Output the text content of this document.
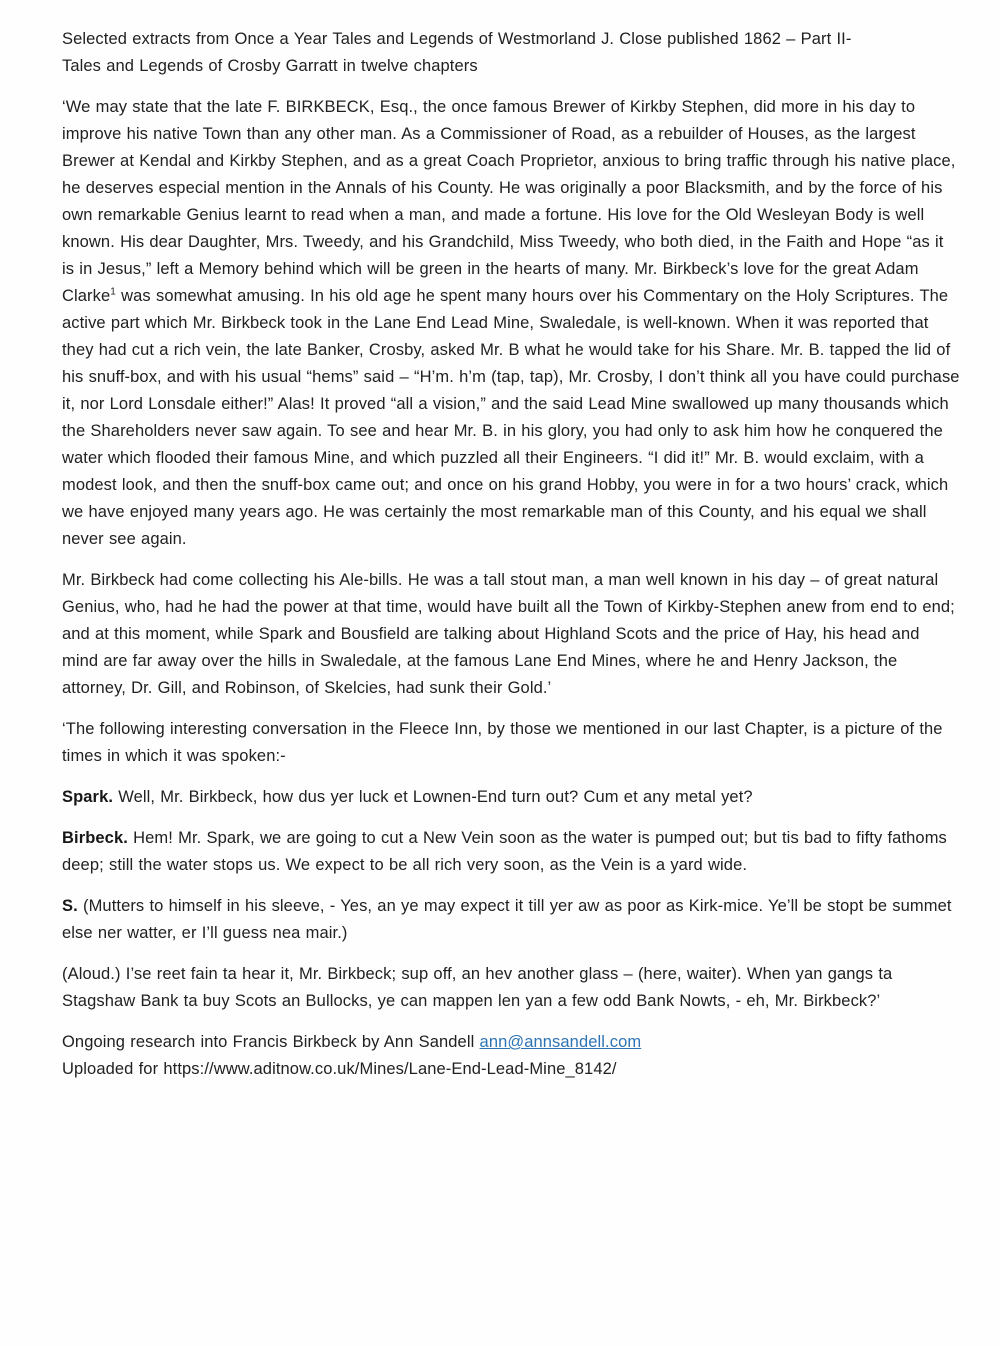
Selected extracts from Once a Year Tales and Legends of Westmorland J. Close published 1862 – Part II-
Tales and Legends of Crosby Garratt in twelve chapters

‘We may state that the late F. BIRKBECK, Esq., the once famous Brewer of Kirkby Stephen, did more in his day to improve his native Town than any other man. As a Commissioner of Road, as a rebuilder of Houses, as the largest Brewer at Kendal and Kirkby Stephen, and as a great Coach Proprietor, anxious to bring traffic through his native place, he deserves especial mention in the Annals of his County. He was originally a poor Blacksmith, and by the force of his own remarkable Genius learnt to read when a man, and made a fortune. His love for the Old Wesleyan Body is well known. His dear Daughter, Mrs. Tweedy, and his Grandchild, Miss Tweedy, who both died, in the Faith and Hope “as it is in Jesus,” left a Memory behind which will be green in the hearts of many. Mr. Birkbeck’s love for the great Adam Clarke$^1$ was somewhat amusing. In his old age he spent many hours over his Commentary on the Holy Scriptures. The active part which Mr. Birkbeck took in the Lane End Lead Mine, Swaledale, is well-known. When it was reported that they had cut a rich vein, the late Banker, Crosby, asked Mr. B what he would take for his Share. Mr. B. tapped the lid of his snuff-box, and with his usual “hems” said – “H’m. h’m (tap, tap), Mr. Crosby, I don’t think all you have could purchase it, nor Lord Lonsdale either!” Alas! It proved “all a vision,” and the said Lead Mine swallowed up many thousands which the Shareholders never saw again. To see and hear Mr. B. in his glory, you had only to ask him how he conquered the water which flooded their famous Mine, and which puzzled all their Engineers. “I did it!” Mr. B. would exclaim, with a modest look, and then the snuff-box came out; and once on his grand Hobby, you were in for a two hours’ crack, which we have enjoyed many years ago. He was certainly the most remarkable man of this County, and his equal we shall never see again.

Mr. Birkbeck had come collecting his Ale-bills. He was a tall stout man, a man well known in his day – of great natural Genius, who, had he had the power at that time, would have built all the Town of Kirkby-Stephen anew from end to end; and at this moment, while Spark and Bousfield are talking about Highland Scots and the price of Hay, his head and mind are far away over the hills in Swaledale, at the famous Lane End Mines, where he and Henry Jackson, the attorney, Dr. Gill, and Robinson, of Skelcies, had sunk their Gold.’

‘The following interesting conversation in the Fleece Inn, by those we mentioned in our last Chapter, is a picture of the times in which it was spoken:-

Spark. Well, Mr. Birkbeck, how dus yer luck et Lownen-End turn out? Cum et any metal yet?

Birbeck. Hem! Mr. Spark, we are going to cut a New Vein soon as the water is pumped out; but tis bad to fifty fathoms deep; still the water stops us. We expect to be all rich very soon, as the Vein is a yard wide.

S. (Mutters to himself in his sleeve, - Yes, an ye may expect it till yer aw as poor as Kirk-mice. Ye’ll be stopt be summet else ner watter, er I’ll guess nea mair.)

(Aloud.) I’se reet fain ta hear it, Mr. Birkbeck; sup off, an hev another glass – (here, waiter). When yan gangs ta Stagshaw Bank ta buy Scots an Bullocks, ye can mappen len yan a few odd Bank Nowts, - eh, Mr. Birkbeck?’

Ongoing research into Francis Birkbeck by Ann Sandell ann@annsandell.com
Uploaded for https://www.aditnow.co.uk/Mines/Lane-End-Lead-Mine_8142/
